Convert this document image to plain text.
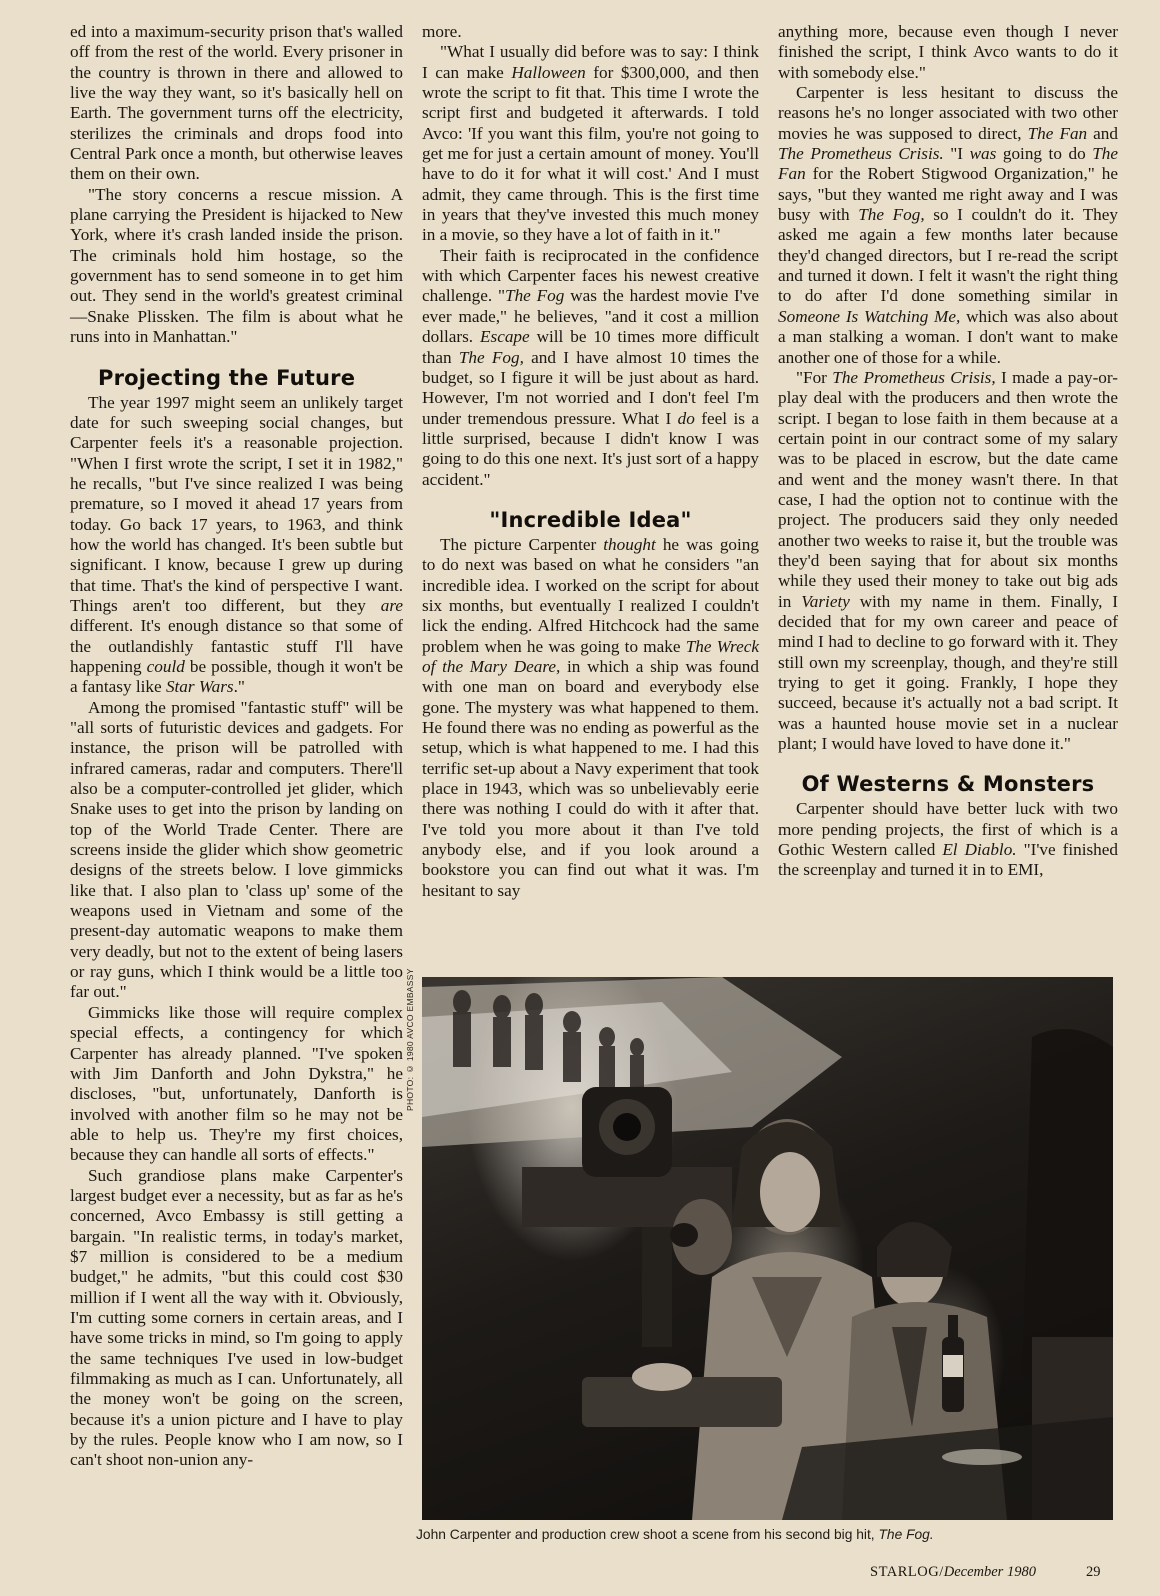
ed into a maximum-security prison that's walled off from the rest of the world. Every prisoner in the country is thrown in there and allowed to live the way they want, so it's basically hell on Earth. The government turns off the electricity, sterilizes the criminals and drops food into Central Park once a month, but otherwise leaves them on their own.

"The story concerns a rescue mission. A plane carrying the President is hijacked to New York, where it's crash landed inside the prison. The criminals hold him hostage, so the government has to send someone in to get him out. They send in the world's greatest criminal—Snake Plissken. The film is about what he runs into in Manhattan."

Projecting the Future

The year 1997 might seem an unlikely target date for such sweeping social changes, but Carpenter feels it's a reasonable projection. "When I first wrote the script, I set it in 1982," he recalls, "but I've since realized I was being premature, so I moved it ahead 17 years from today. Go back 17 years, to 1963, and think how the world has changed. It's been subtle but significant. I know, because I grew up during that time. That's the kind of perspective I want. Things aren't too different, but they are different. It's enough distance so that some of the outlandishly fantastic stuff I'll have happening could be possible, though it won't be a fantasy like Star Wars."

Among the promised "fantastic stuff" will be "all sorts of futuristic devices and gadgets. For instance, the prison will be patrolled with infrared cameras, radar and computers. There'll also be a computer-controlled jet glider, which Snake uses to get into the prison by landing on top of the World Trade Center. There are screens inside the glider which show geometric designs of the streets below. I love gimmicks like that. I also plan to 'class up' some of the weapons used in Vietnam and some of the present-day automatic weapons to make them very deadly, but not to the extent of being lasers or ray guns, which I think would be a little too far out."

Gimmicks like those will require complex special effects, a contingency for which Carpenter has already planned. "I've spoken with Jim Danforth and John Dykstra," he discloses, "but, unfortunately, Danforth is involved with another film so he may not be able to help us. They're my first choices, because they can handle all sorts of effects."

Such grandiose plans make Carpenter's largest budget ever a necessity, but as far as he's concerned, Avco Embassy is still getting a bargain. "In realistic terms, in today's market, $7 million is considered to be a medium budget," he admits, "but this could cost $30 million if I went all the way with it. Obviously, I'm cutting some corners in certain areas, and I have some tricks in mind, so I'm going to apply the same techniques I've used in low-budget filmmaking as much as I can. Unfortunately, all the money won't be going on the screen, because it's a union picture and I have to play by the rules. People know who I am now, so I can't shoot non-union any-

more.

"What I usually did before was to say: I think I can make Halloween for $300,000, and then wrote the script to fit that. This time I wrote the script first and budgeted it afterwards. I told Avco: 'If you want this film, you're not going to get me for just a certain amount of money. You'll have to do it for what it will cost.' And I must admit, they came through. This is the first time in years that they've invested this much money in a movie, so they have a lot of faith in it."

Their faith is reciprocated in the confidence with which Carpenter faces his newest creative challenge. "The Fog was the hardest movie I've ever made," he believes, "and it cost a million dollars. Escape will be 10 times more difficult than The Fog, and I have almost 10 times the budget, so I figure it will be just about as hard. However, I'm not worried and I don't feel I'm under tremendous pressure. What I do feel is a little surprised, because I didn't know I was going to do this one next. It's just sort of a happy accident."

"Incredible Idea"

The picture Carpenter thought he was going to do next was based on what he considers "an incredible idea. I worked on the script for about six months, but eventually I realized I couldn't lick the ending. Alfred Hitchcock had the same problem when he was going to make The Wreck of the Mary Deare, in which a ship was found with one man on board and everybody else gone. The mystery was what happened to them. He found there was no ending as powerful as the setup, which is what happened to me. I had this terrific set-up about a Navy experiment that took place in 1943, which was so unbelievably eerie there was nothing I could do with it after that. I've told you more about it than I've told anybody else, and if you look around a bookstore you can find out what it was. I'm hesitant to say

anything more, because even though I never finished the script, I think Avco wants to do it with somebody else."

Carpenter is less hesitant to discuss the reasons he's no longer associated with two other movies he was supposed to direct, The Fan and The Prometheus Crisis. "I was going to do The Fan for the Robert Stigwood Organization," he says, "but they wanted me right away and I was busy with The Fog, so I couldn't do it. They asked me again a few months later because they'd changed directors, but I re-read the script and turned it down. I felt it wasn't the right thing to do after I'd done something similar in Someone Is Watching Me, which was also about a man stalking a woman. I don't want to make another one of those for a while.

"For The Prometheus Crisis, I made a pay-or-play deal with the producers and then wrote the script. I began to lose faith in them because at a certain point in our contract some of my salary was to be placed in escrow, but the date came and went and the money wasn't there. In that case, I had the option not to continue with the project. The producers said they only needed another two weeks to raise it, but the trouble was they'd been saying that for about six months while they used their money to take out big ads in Variety with my name in them. Finally, I decided that for my own career and peace of mind I had to decline to go forward with it. They still own my screenplay, though, and they're still trying to get it going. Frankly, I hope they succeed, because it's actually not a bad script. It was a haunted house movie set in a nuclear plant; I would have loved to have done it."

Of Westerns & Monsters

Carpenter should have better luck with two more pending projects, the first of which is a Gothic Western called El Diablo. "I've finished the screenplay and turned it in to EMI,

PHOTO: © 1980 AVCO EMBASSY
John Carpenter and production crew shoot a scene from his second big hit, The Fog.
STARLOG/December 1980	29
